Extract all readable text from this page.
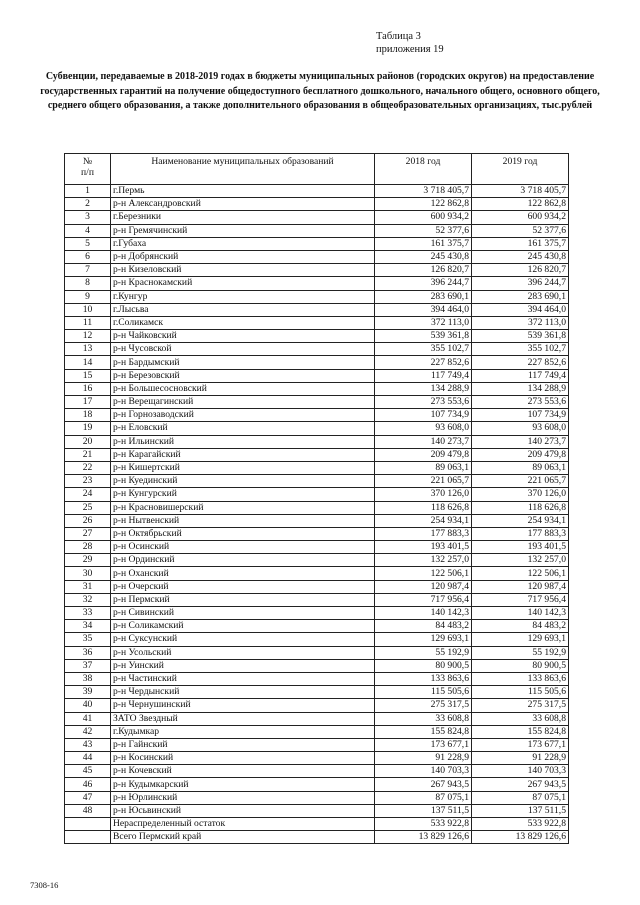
Таблица 3
приложения 19
Субвенции, передаваемые в 2018-2019 годах в бюджеты муниципальных районов (городских округов) на предоставление государственных гарантий на получение общедоступного бесплатного дошкольного, начального общего, основного общего, среднего общего образования, а также дополнительного образования в общеобразовательных организациях, тыс.рублей
№
п/п	Наименование муниципальных образований	2018 год	2019 год
1	г.Пермь	3 718 405,7	3 718 405,7
2	р-н Александровский	122 862,8	122 862,8
3	г.Березники	600 934,2	600 934,2
4	р-н Гремячинский	52 377,6	52 377,6
5	г.Губаха	161 375,7	161 375,7
6	р-н Добрянский	245 430,8	245 430,8
7	р-н Кизеловский	126 820,7	126 820,7
8	р-н Краснокамский	396 244,7	396 244,7
9	г.Кунгур	283 690,1	283 690,1
10	г.Лысьва	394 464,0	394 464,0
11	г.Соликамск	372 113,0	372 113,0
12	р-н Чайковский	539 361,8	539 361,8
13	р-н Чусовской	355 102,7	355 102,7
14	р-н Бардымский	227 852,6	227 852,6
15	р-н Березовский	117 749,4	117 749,4
16	р-н Большесосновский	134 288,9	134 288,9
17	р-н Верещагинский	273 553,6	273 553,6
18	р-н Горнозаводский	107 734,9	107 734,9
19	р-н Еловский	93 608,0	93 608,0
20	р-н Ильинский	140 273,7	140 273,7
21	р-н Карагайский	209 479,8	209 479,8
22	р-н Кишертский	89 063,1	89 063,1
23	р-н Куединский	221 065,7	221 065,7
24	р-н Кунгурский	370 126,0	370 126,0
25	р-н Красновишерский	118 626,8	118 626,8
26	р-н Нытвенский	254 934,1	254 934,1
27	р-н Октябрьский	177 883,3	177 883,3
28	р-н Осинский	193 401,5	193 401,5
29	р-н Ординский	132 257,0	132 257,0
30	р-н Оханский	122 506,1	122 506,1
31	р-н Очерский	120 987,4	120 987,4
32	р-н Пермский	717 956,4	717 956,4
33	р-н Сивинский	140 142,3	140 142,3
34	р-н Соликамский	84 483,2	84 483,2
35	р-н Суксунский	129 693,1	129 693,1
36	р-н Усольский	55 192,9	55 192,9
37	р-н Уинский	80 900,5	80 900,5
38	р-н Частинский	133 863,6	133 863,6
39	р-н Чердынский	115 505,6	115 505,6
40	р-н Чернушинский	275 317,5	275 317,5
41	ЗАТО Звездный	33 608,8	33 608,8
42	г.Кудымкар	155 824,8	155 824,8
43	р-н Гайнский	173 677,1	173 677,1
44	р-н Косинский	91 228,9	91 228,9
45	р-н Кочевский	140 703,3	140 703,3
46	р-н Кудымкарский	267 943,5	267 943,5
47	р-н Юрлинский	87 075,1	87 075,1
48	р-н Юсьвинский	137 511,5	137 511,5
	Нераспределенный остаток	533 922,8	533 922,8
	Всего Пермский край	13 829 126,6	13 829 126,6
7308-16
